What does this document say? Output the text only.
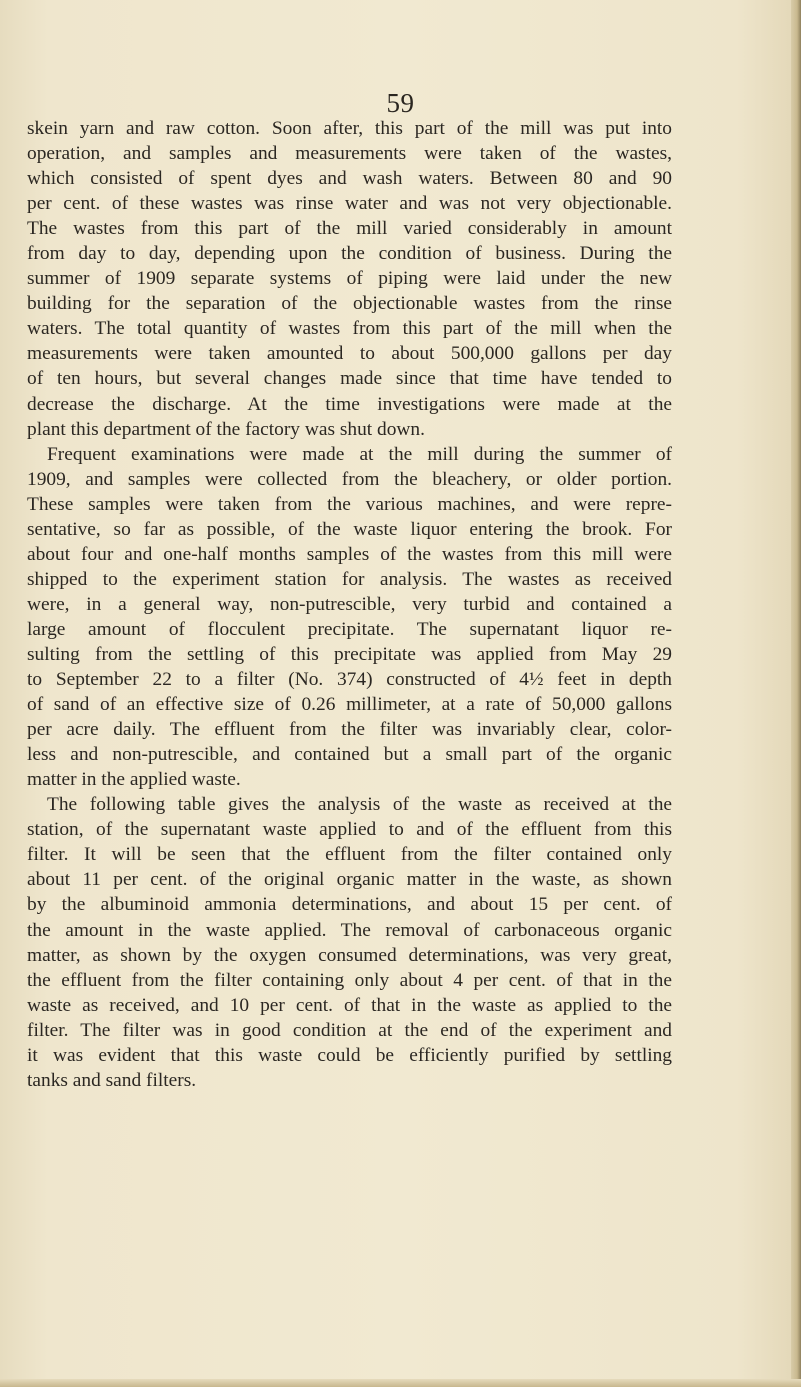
59
skein yarn and raw cotton. Soon after, this part of the mill was put into
operation, and samples and measurements were taken of the wastes,
which consisted of spent dyes and wash waters. Between 80 and 90
per cent. of these wastes was rinse water and was not very objectionable.
The wastes from this part of the mill varied considerably in amount
from day to day, depending upon the condition of business. During the
summer of 1909 separate systems of piping were laid under the new
building for the separation of the objectionable wastes from the rinse
waters. The total quantity of wastes from this part of the mill when the
measurements were taken amounted to about 500,000 gallons per day
of ten hours, but several changes made since that time have tended to
decrease the discharge. At the time investigations were made at the
plant this department of the factory was shut down.
Frequent examinations were made at the mill during the summer of
1909, and samples were collected from the bleachery, or older portion.
These samples were taken from the various machines, and were repre-
sentative, so far as possible, of the waste liquor entering the brook. For
about four and one-half months samples of the wastes from this mill were
shipped to the experiment station for analysis. The wastes as received
were, in a general way, non-putrescible, very turbid and contained a
large amount of flocculent precipitate. The supernatant liquor re-
sulting from the settling of this precipitate was applied from May 29
to September 22 to a filter (No. 374) constructed of 4½ feet in depth
of sand of an effective size of 0.26 millimeter, at a rate of 50,000 gallons
per acre daily. The effluent from the filter was invariably clear, color-
less and non-putrescible, and contained but a small part of the organic
matter in the applied waste.
The following table gives the analysis of the waste as received at the
station, of the supernatant waste applied to and of the effluent from this
filter. It will be seen that the effluent from the filter contained only
about 11 per cent. of the original organic matter in the waste, as shown
by the albuminoid ammonia determinations, and about 15 per cent. of
the amount in the waste applied. The removal of carbonaceous organic
matter, as shown by the oxygen consumed determinations, was very great,
the effluent from the filter containing only about 4 per cent. of that in the
waste as received, and 10 per cent. of that in the waste as applied to the
filter. The filter was in good condition at the end of the experiment and
it was evident that this waste could be efficiently purified by settling
tanks and sand filters.
